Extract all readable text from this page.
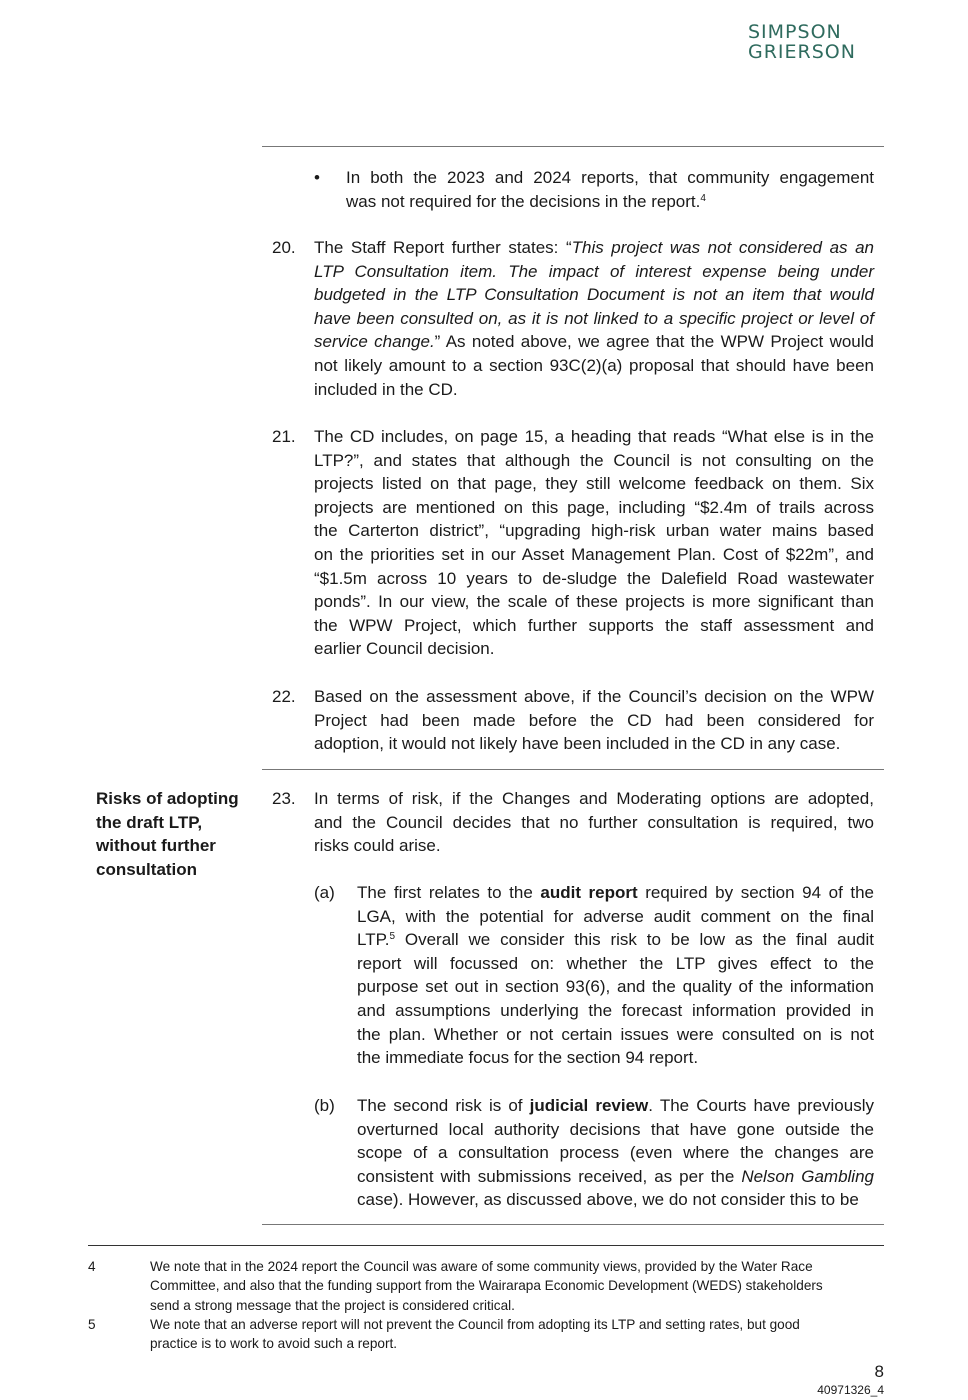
SIMPSON
GRIERSON
• In both the 2023 and 2024 reports, that community engagement
was not required for the decisions in the report.$^4$
20. The Staff Report further states: “This project was not considered as an
LTP Consultation item. The impact of interest expense being under
budgeted in the LTP Consultation Document is not an item that would
have been consulted on, as it is not linked to a specific project or level of
service change.” As noted above, we agree that the WPW Project would
not likely amount to a section 93C(2)(a) proposal that should have been
included in the CD.
21. The CD includes, on page 15, a heading that reads “What else is in the
LTP?”, and states that although the Council is not consulting on the
projects listed on that page, they still welcome feedback on them. Six
projects are mentioned on this page, including “$2.4m of trails across
the Carterton district”, “upgrading high-risk urban water mains based
on the priorities set in our Asset Management Plan. Cost of $22m”, and
“$1.5m across 10 years to de-sludge the Dalefield Road wastewater
ponds”. In our view, the scale of these projects is more significant than
the WPW Project, which further supports the staff assessment and
earlier Council decision.
22. Based on the assessment above, if the Council’s decision on the WPW
Project had been made before the CD had been considered for
adoption, it would not likely have been included in the CD in any case.
Risks of adopting
the draft LTP,
without further
consultation
23. In terms of risk, if the Changes and Moderating options are adopted,
and the Council decides that no further consultation is required, two
risks could arise.
(a) The first relates to the audit report required by section 94 of the
LGA, with the potential for adverse audit comment on the final
LTP.$^5$ Overall we consider this risk to be low as the final audit
report will focussed on: whether the LTP gives effect to the
purpose set out in section 93(6), and the quality of the information
and assumptions underlying the forecast information provided in
the plan. Whether or not certain issues were consulted on is not
the immediate focus for the section 94 report.
(b) The second risk is of judicial review. The Courts have previously
overturned local authority decisions that have gone outside the
scope of a consultation process (even where the changes are
consistent with submissions received, as per the Nelson Gambling
case). However, as discussed above, we do not consider this to be
4	We note that in the 2024 report the Council was aware of some community views, provided by the Water Race
Committee, and also that the funding support from the Wairarapa Economic Development (WEDS) stakeholders
send a strong message that the project is considered critical.
5	We note that an adverse report will not prevent the Council from adopting its LTP and setting rates, but good
practice is to work to avoid such a report.
8
40971326_4
